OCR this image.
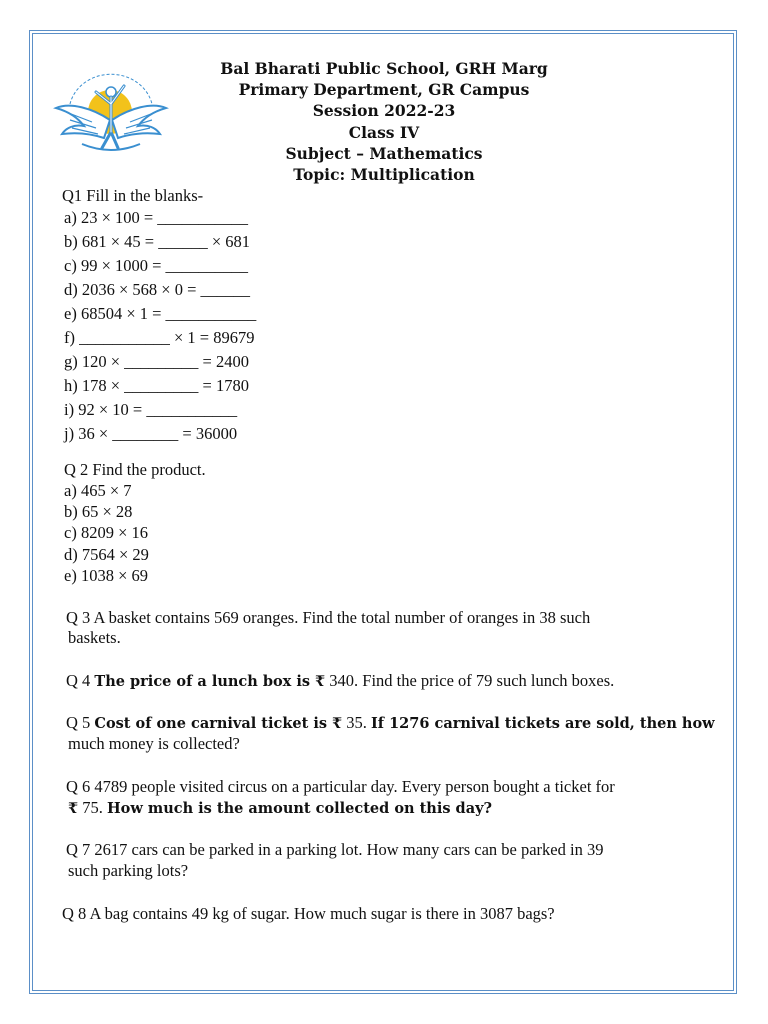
Bal Bharati Public School, GRH Marg
Primary Department, GR Campus
Session 2022-23
Class IV
Subject – Mathematics
Topic: Multiplication
Q1 Fill in the blanks-
a) 23 × 100 = ___________
b) 681 × 45 = ______ × 681
c) 99 × 1000 = __________
d) 2036 × 568 × 0 = ______
e) 68504 × 1 = ___________
f) ___________ × 1 = 89679
g) 120 × _________ = 2400
h) 178 × _________ = 1780
i) 92 × 10 = ___________
j) 36 × ________ = 36000
Q 2 Find the product.
a) 465 × 7
b) 65 × 28
c) 8209 × 16
d) 7564 × 29
e) 1038 × 69
Q 3 A basket contains 569 oranges. Find the total number of oranges in 38 such
baskets.
Q 4 The price of a lunch box is ₹ 340. Find the price of 79 such lunch boxes.
Q 5 Cost of one carnival ticket is ₹ 35. If 1276 carnival tickets are sold, then how
much money is collected?
Q 6 4789 people visited circus on a particular day. Every person bought a ticket for
₹ 75. How much is the amount collected on this day?
Q 7 2617 cars can be parked in a parking lot. How many cars can be parked in 39
such parking lots?
Q 8 A bag contains 49 kg of sugar. How much sugar is there in 3087 bags?
